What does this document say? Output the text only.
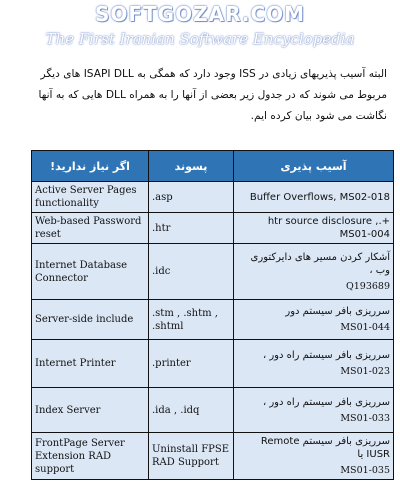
SOFTGOZAR.COM
The First Iranian Software Encyclopedia
البته آسیب پذیریهای زیادی در ISS وجود دارد که همگی به ISAPI DLL های دیگر مربوط می شوند که در جدول زیر بعضی از آنها را به همراه DLL هایی که به آنها نگاشت می شود بیان کرده ایم.
اگر نیاز ندارید!	پسوند	آسیب پذیری
Active Server Pages functionality	.asp	Buffer Overflows, MS02-018

Web-based Password reset	.htr	+.htr source disclosure , MS01-004

Internet Database Connector	.idc	آشکار کردن مسیر های دایرکتوری وب ،
Q193689

Server-side include	.stm , .shtm , .shtml	سرریزی بافر سیستم دور
MS01-044

Internet Printer	.printer	سرریزی بافر سیستم راه دور ،
MS01-023

Index Server	.ida , .idq	سرریزی بافر سیستم راه دور ،
MS01-033

FrontPage Server Extension RAD support	Uninstall FPSE RAD Support	سرریزی بافر سیستم Remote IUSR یا
MS01-035
